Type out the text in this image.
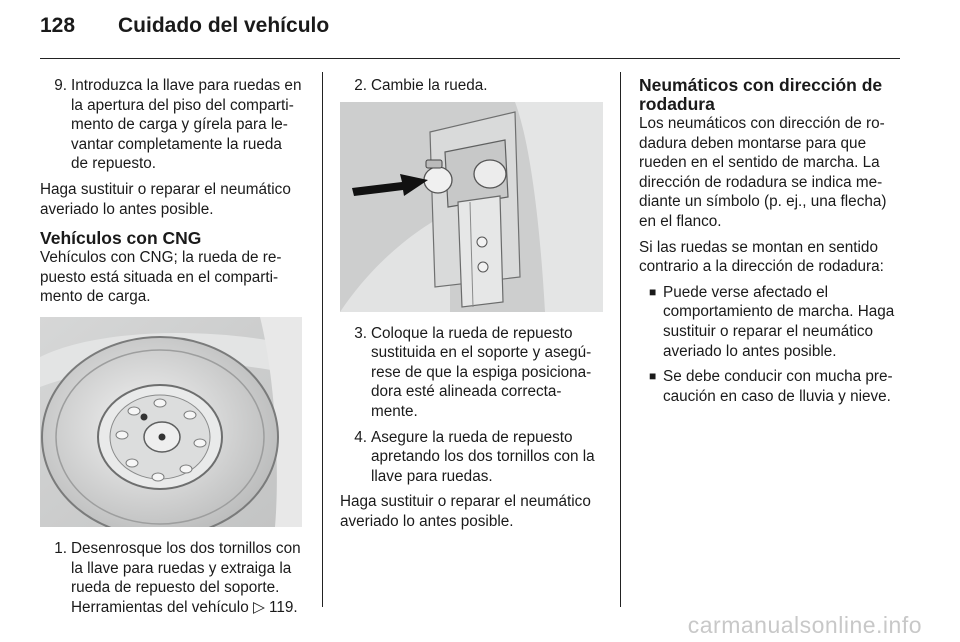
128	Cuidado del vehículo
9. Introduzca la llave para ruedas en la apertura del piso del compartimento de carga y gírela para levantar completamente la rueda de repuesto.

Haga sustituir o reparar el neumático averiado lo antes posible.

Vehículos con CNG

Vehículos con CNG; la rueda de repuesto está situada en el compartimento de carga.

1. Desenrosque los dos tornillos con la llave para ruedas y extraiga la rueda de repuesto del soporte. Herramientas del vehículo ▷ 119.
2. Cambie la rueda.
3. Coloque la rueda de repuesto sustituida en el soporte y asegúrese de que la espiga posicionadora esté alineada correctamente.
4. Asegure la rueda de repuesto apretando los dos tornillos con la llave para ruedas.

Haga sustituir o reparar el neumático averiado lo antes posible.

Neumáticos con dirección de rodadura

Los neumáticos con dirección de rodadura deben montarse para que rueden en el sentido de marcha. La dirección de rodadura se indica mediante un símbolo (p. ej., una flecha) en el flanco.

Si las ruedas se montan en sentido contrario a la dirección de rodadura:

■ Puede verse afectado el comportamiento de marcha. Haga sustituir o reparar el neumático averiado lo antes posible.
■ Se debe conducir con mucha precaución en caso de lluvia y nieve.
carmanualsonline.info
